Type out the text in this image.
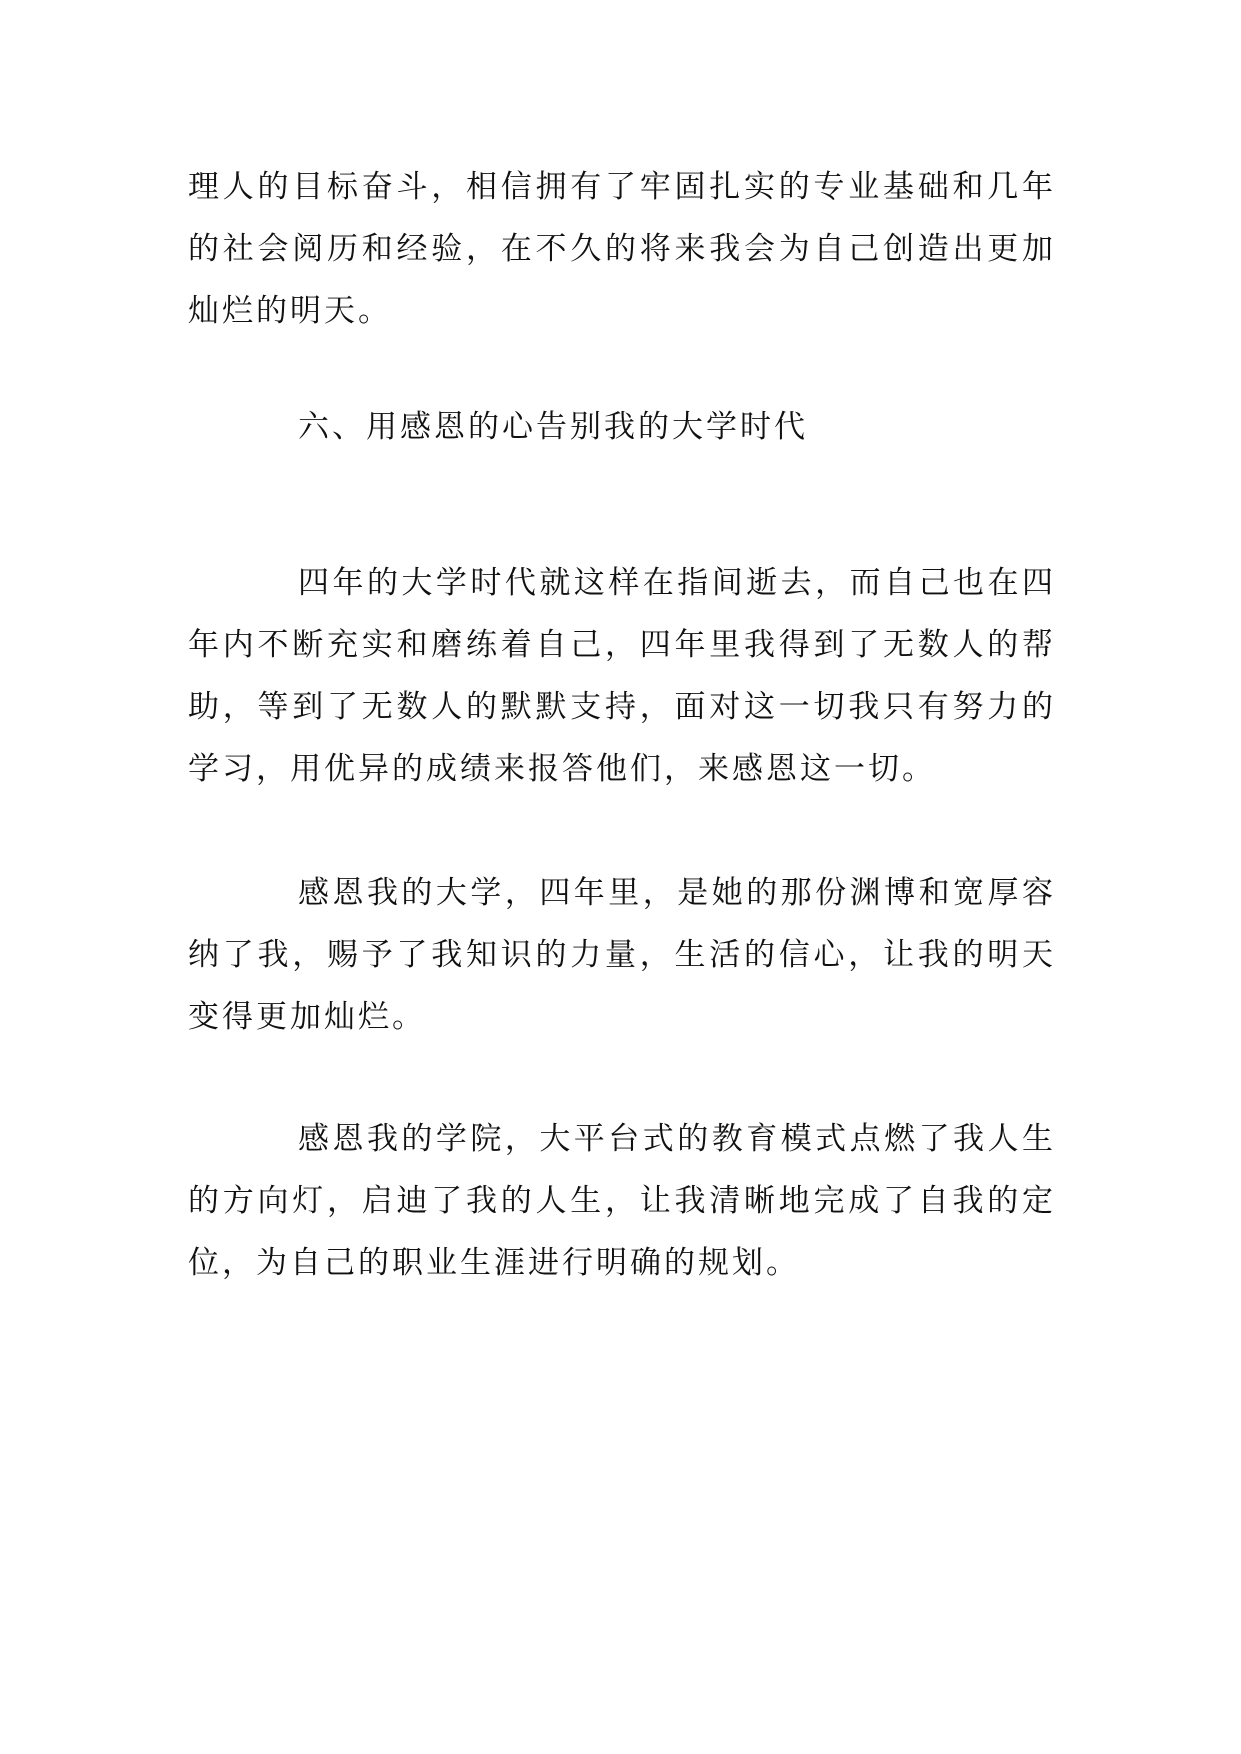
理人的目标奋斗，相信拥有了牢固扎实的专业基础和几年的社会阅历和经验，在不久的将来我会为自己创造出更加灿烂的明天。

六、用感恩的心告别我的大学时代

四年的大学时代就这样在指间逝去，而自己也在四年内不断充实和磨练着自己，四年里我得到了无数人的帮助，等到了无数人的默默支持，面对这一切我只有努力的学习，用优异的成绩来报答他们，来感恩这一切。

感恩我的大学，四年里，是她的那份渊博和宽厚容纳了我，赐予了我知识的力量，生活的信心，让我的明天变得更加灿烂。

感恩我的学院，大平台式的教育模式点燃了我人生的方向灯，启迪了我的人生，让我清晰地完成了自我的定位，为自己的职业生涯进行明确的规划。
